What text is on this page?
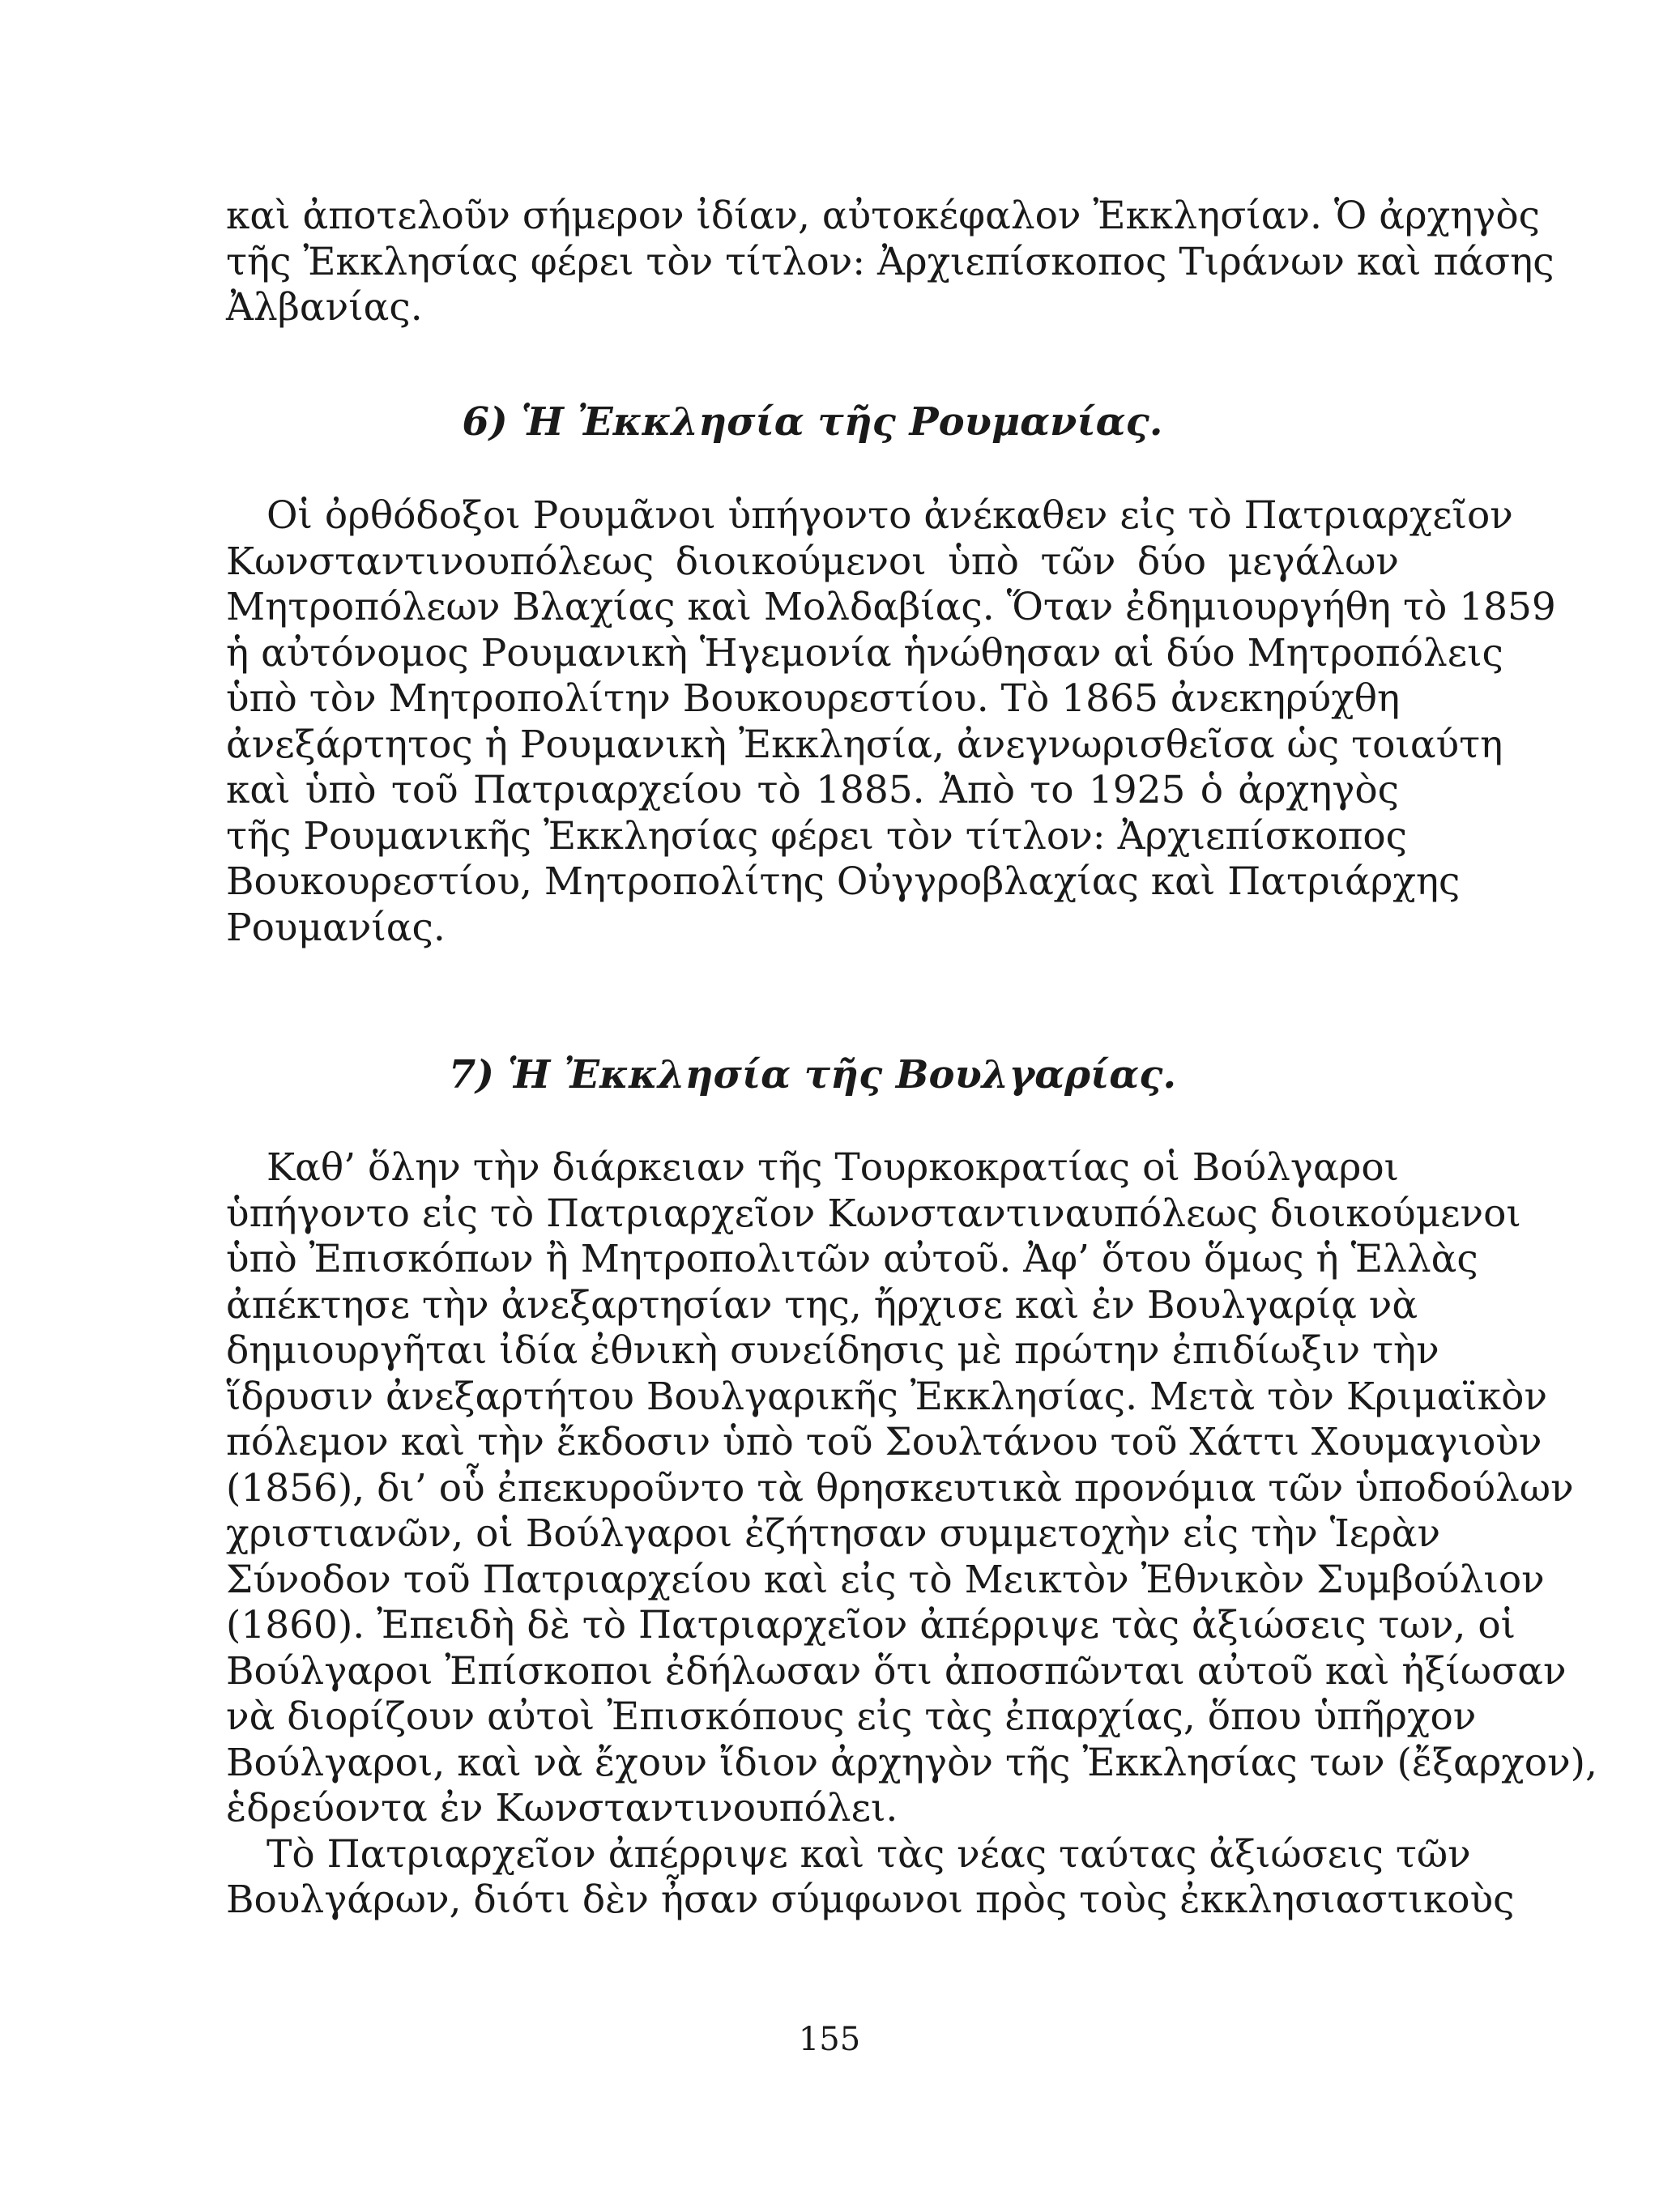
καὶ ἀποτελοῦν σήμερον ἰδίαν, αὐτοκέφαλον Ἐκκλησίαν. Ὁ ἀρχηγὸς
τῆς Ἐκκλησίας φέρει τὸν τίτλον: Ἀρχιεπίσκοπος Τιράνων καὶ πάσης
Ἀλβανίας.
6) Ἡ Ἐκκλησία τῆς Ρουμανίας.
Οἱ ὀρθόδοξοι Ρουμᾶνοι ὑπήγοντο ἀνέκαθεν εἰς τὸ Πατριαρχεῖον
Κωνσταντινουπόλεως διοικούμενοι ὑπὸ τῶν δύο μεγάλων
Μητροπόλεων Βλαχίας καὶ Μολδαβίας. Ὅταν ἐδημιουργήθη τὸ 1859
ἡ αὐτόνομος Ρουμανικὴ Ἡγεμονία ἡνώθησαν αἱ δύο Μητροπόλεις
ὑπὸ τὸν Μητροπολίτην Βουκουρεστίου. Τὸ 1865 ἀνεκηρύχθη
ἀνεξάρτητος ἡ Ρουμανικὴ Ἐκκλησία, ἀνεγνωρισθεῖσα ὡς τοιαύτη
καὶ ὑπὸ τοῦ Πατριαρχείου τὸ 1885. Ἀπὸ το 1925 ὁ ἀρχηγὸς
τῆς Ρουμανικῆς Ἐκκλησίας φέρει τὸν τίτλον: Ἀρχιεπίσκοπος
Βουκουρεστίου, Μητροπολίτης Οὐγγροβλαχίας καὶ Πατριάρχης
Ρουμανίας.
7) Ἡ Ἐκκλησία τῆς Βουλγαρίας.
Καθ’ ὅλην τὴν διάρκειαν τῆς Τουρκοκρατίας οἱ Βούλγαροι
ὑπήγοντο εἰς τὸ Πατριαρχεῖον Κωνσταντιναυπόλεως διοικούμενοι
ὑπὸ Ἐπισκόπων ἢ Μητροπολιτῶν αὐτοῦ. Ἀφ’ ὅτου ὅμως ἡ Ἑλλὰς
ἀπέκτησε τὴν ἀνεξαρτησίαν της, ἤρχισε καὶ ἐν Βουλγαρίᾳ νὰ
δημιουργῆται ἰδία ἐθνικὴ συνείδησις μὲ πρώτην ἐπιδίωξιν τὴν
ἵδρυσιν ἀνεξαρτήτου Βουλγαρικῆς Ἐκκλησίας. Μετὰ τὸν Κριμαϊκὸν
πόλεμον καὶ τὴν ἔκδοσιν ὑπὸ τοῦ Σουλτάνου τοῦ Χάττι Χουμαγιοὺν
(1856), δι’ οὗ ἐπεκυροῦντο τὰ θρησκευτικὰ προνόμια τῶν ὑποδούλων
χριστιανῶν, οἱ Βούλγαροι ἐζήτησαν συμμετοχὴν εἰς τὴν Ἱερὰν
Σύνοδον τοῦ Πατριαρχείου καὶ εἰς τὸ Μεικτὸν Ἐθνικὸν Συμβούλιον
(1860). Ἐπειδὴ δὲ τὸ Πατριαρχεῖον ἀπέρριψε τὰς ἀξιώσεις των, οἱ
Βούλγαροι Ἐπίσκοποι ἐδήλωσαν ὅτι ἀποσπῶνται αὐτοῦ καὶ ἠξίωσαν
νὰ διορίζουν αὐτοὶ Ἐπισκόπους εἰς τὰς ἐπαρχίας, ὅπου ὑπῆρχον
Βούλγαροι, καὶ νὰ ἔχουν ἴδιον ἀρχηγὸν τῆς Ἐκκλησίας των (ἔξαρχον),
ἑδρεύοντα ἐν Κωνσταντινουπόλει.
Τὸ Πατριαρχεῖον ἀπέρριψε καὶ τὰς νέας ταύτας ἀξιώσεις τῶν
Βουλγάρων, διότι δὲν ἦσαν σύμφωνοι πρὸς τοὺς ἐκκλησιαστικοὺς
155
